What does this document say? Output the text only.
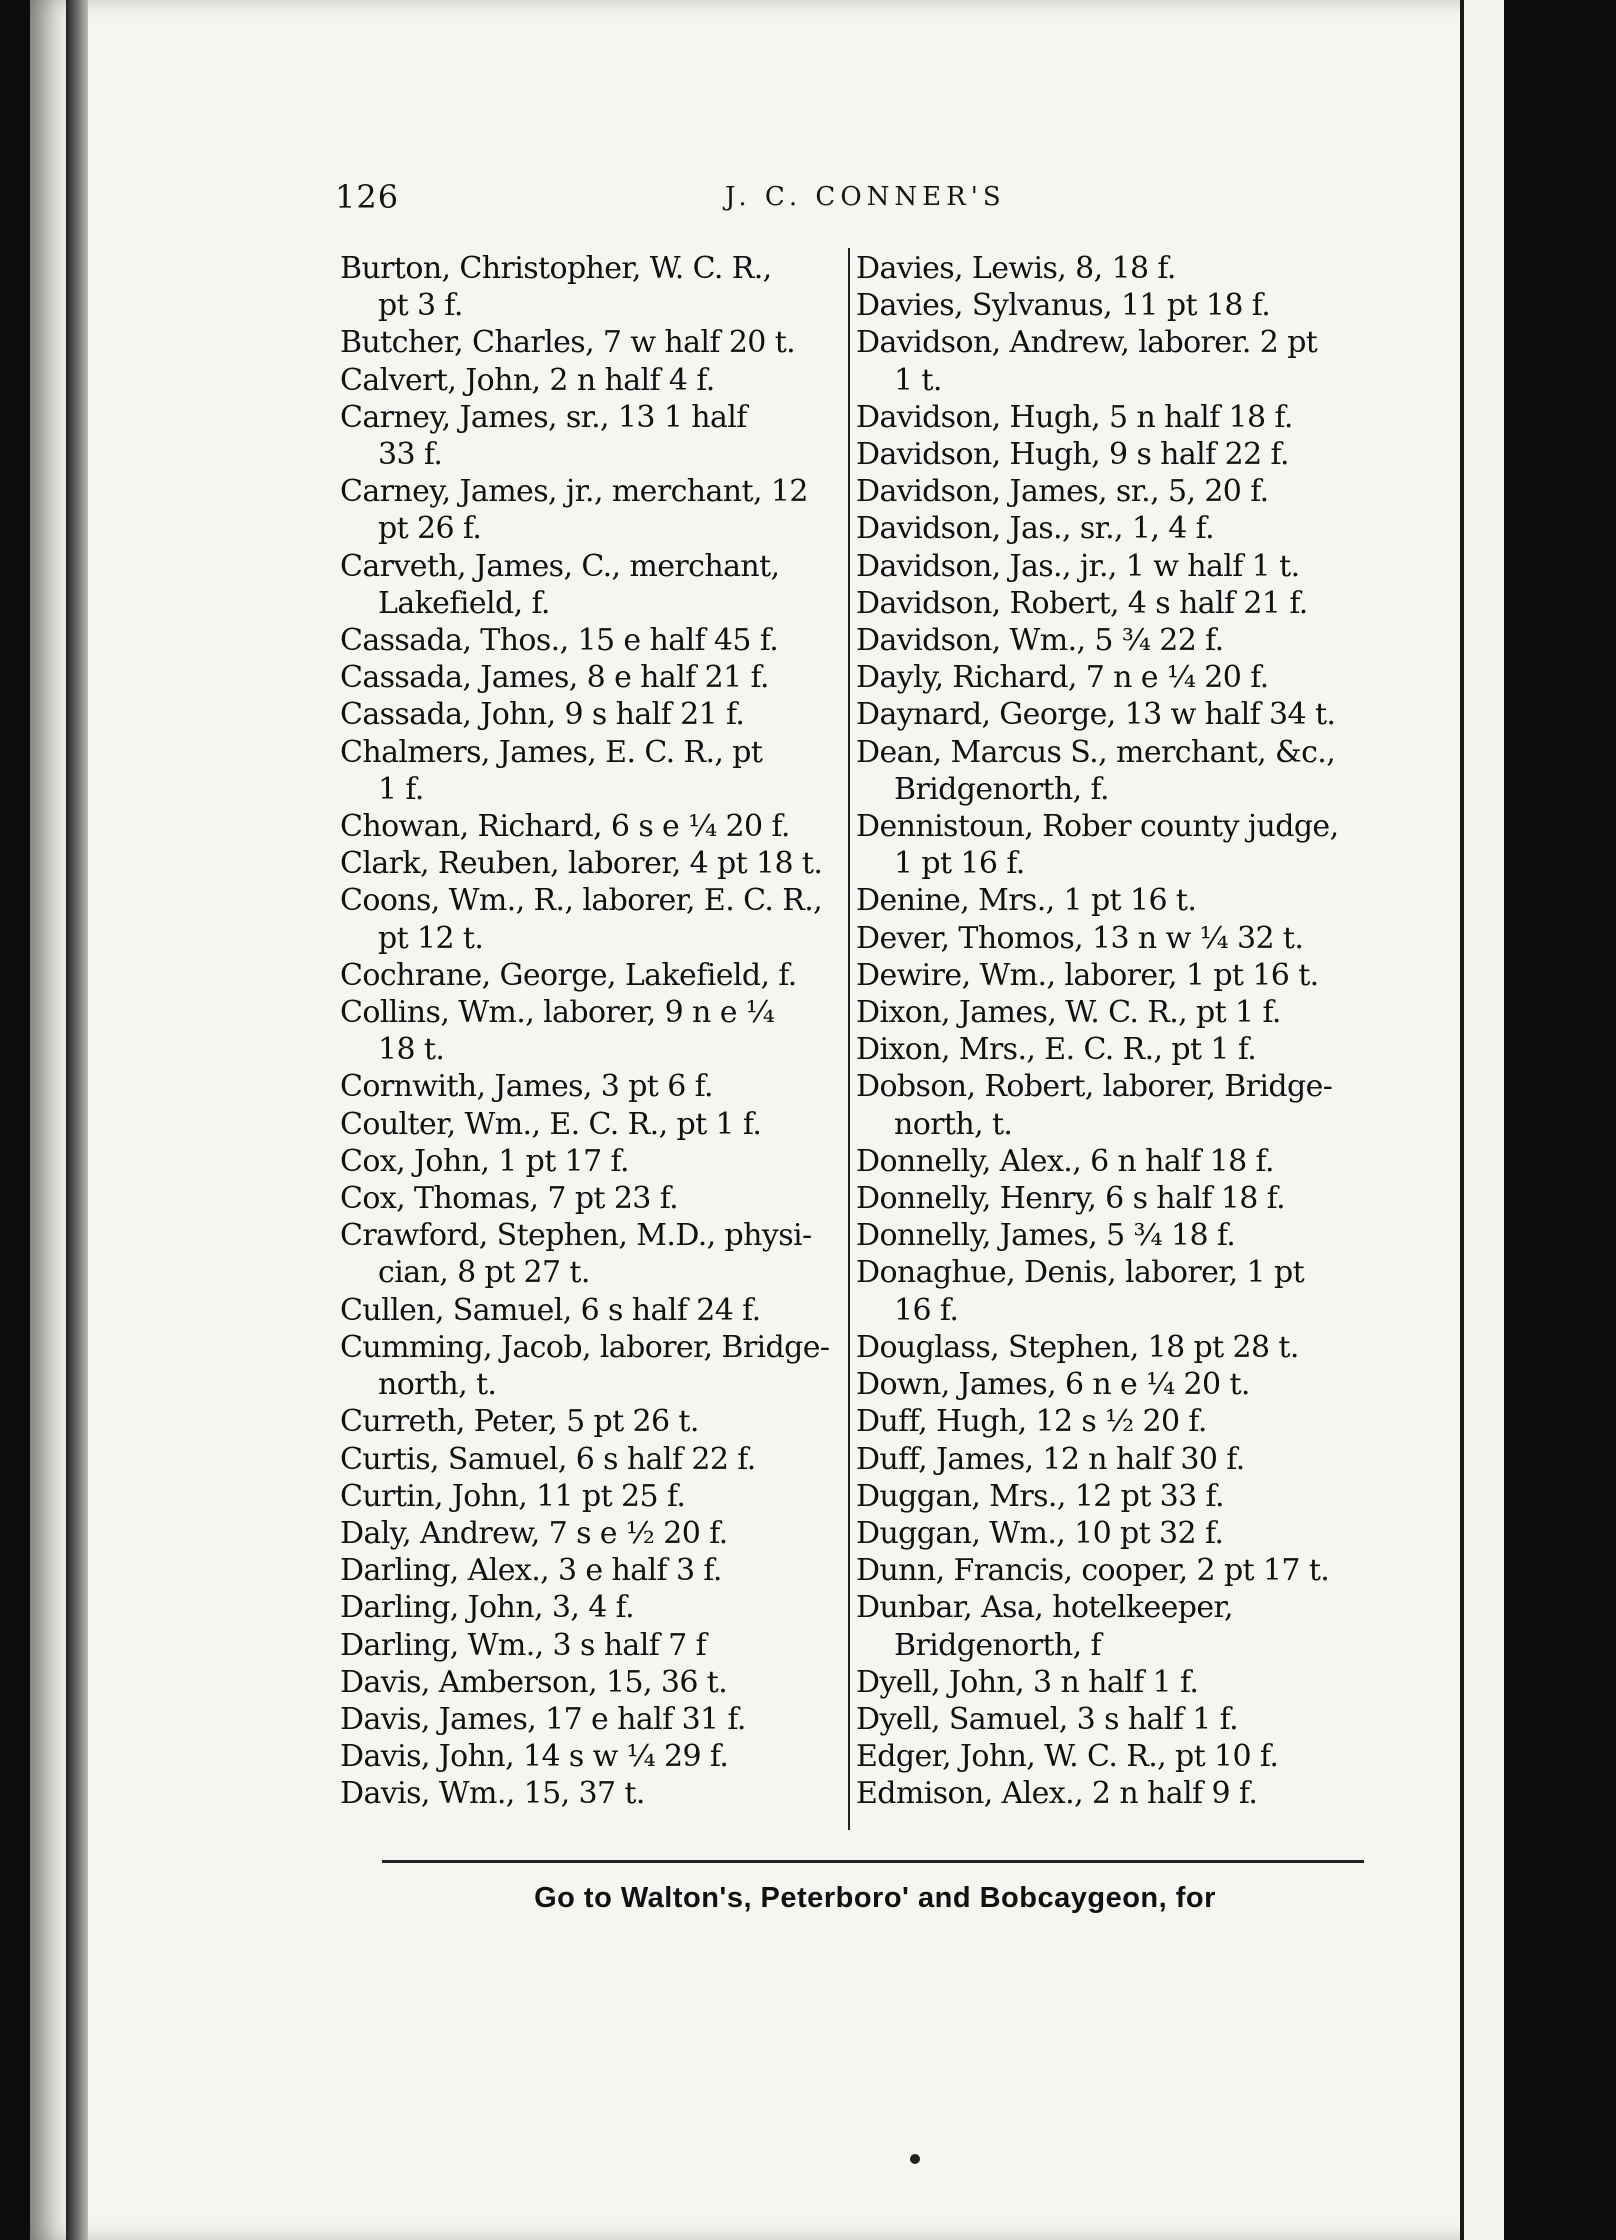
126	J. C. CONNER'S
Burton, Christopher, W. C. R.,
pt 3 f.
Butcher, Charles, 7 w half 20 t.
Calvert, John, 2 n half 4 f.
Carney, James, sr., 13 1 half
33 f.
Carney, James, jr., merchant, 12
pt 26 f.
Carveth, James, C., merchant,
Lakefield, f.
Cassada, Thos., 15 e half 45 f.
Cassada, James, 8 e half 21 f.
Cassada, John, 9 s half 21 f.
Chalmers, James, E. C. R., pt
1 f.
Chowan, Richard, 6 s e ¼ 20 f.
Clark, Reuben, laborer, 4 pt 18 t.
Coons, Wm., R., laborer, E. C. R.,
pt 12 t.
Cochrane, George, Lakefield, f.
Collins, Wm., laborer, 9 n e ¼
18 t.
Cornwith, James, 3 pt 6 f.
Coulter, Wm., E. C. R., pt 1 f.
Cox, John, 1 pt 17 f.
Cox, Thomas, 7 pt 23 f.
Crawford, Stephen, M.D., physi-
cian, 8 pt 27 t.
Cullen, Samuel, 6 s half 24 f.
Cumming, Jacob, laborer, Bridge-
north, t.
Curreth, Peter, 5 pt 26 t.
Curtis, Samuel, 6 s half 22 f.
Curtin, John, 11 pt 25 f.
Daly, Andrew, 7 s e ½ 20 f.
Darling, Alex., 3 e half 3 f.
Darling, John, 3, 4 f.
Darling, Wm., 3 s half 7 f
Davis, Amberson, 15, 36 t.
Davis, James, 17 e half 31 f.
Davis, John, 14 s w ¼ 29 f.
Davis, Wm., 15, 37 t.
Davies, Lewis, 8, 18 f.
Davies, Sylvanus, 11 pt 18 f.
Davidson, Andrew, laborer. 2 pt
1 t.
Davidson, Hugh, 5 n half 18 f.
Davidson, Hugh, 9 s half 22 f.
Davidson, James, sr., 5, 20 f.
Davidson, Jas., sr., 1, 4 f.
Davidson, Jas., jr., 1 w half 1 t.
Davidson, Robert, 4 s half 21 f.
Davidson, Wm., 5 ¾ 22 f.
Dayly, Richard, 7 n e ¼ 20 f.
Daynard, George, 13 w half 34 t.
Dean, Marcus S., merchant, &c.,
Bridgenorth, f.
Dennistoun, Rober county judge,
1 pt 16 f.
Denine, Mrs., 1 pt 16 t.
Dever, Thomos, 13 n w ¼ 32 t.
Dewire, Wm., laborer, 1 pt 16 t.
Dixon, James, W. C. R., pt 1 f.
Dixon, Mrs., E. C. R., pt 1 f.
Dobson, Robert, laborer, Bridge-
north, t.
Donnelly, Alex., 6 n half 18 f.
Donnelly, Henry, 6 s half 18 f.
Donnelly, James, 5 ¾ 18 f.
Donaghue, Denis, laborer, 1 pt
16 f.
Douglass, Stephen, 18 pt 28 t.
Down, James, 6 n e ¼ 20 t.
Duff, Hugh, 12 s ½ 20 f.
Duff, James, 12 n half 30 f.
Duggan, Mrs., 12 pt 33 f.
Duggan, Wm., 10 pt 32 f.
Dunn, Francis, cooper, 2 pt 17 t.
Dunbar, Asa, hotelkeeper,
Bridgenorth, f
Dyell, John, 3 n half 1 f.
Dyell, Samuel, 3 s half 1 f.
Edger, John, W. C. R., pt 10 f.
Edmison, Alex., 2 n half 9 f.
Go to Walton's, Peterboro' and Bobcaygeon, for
